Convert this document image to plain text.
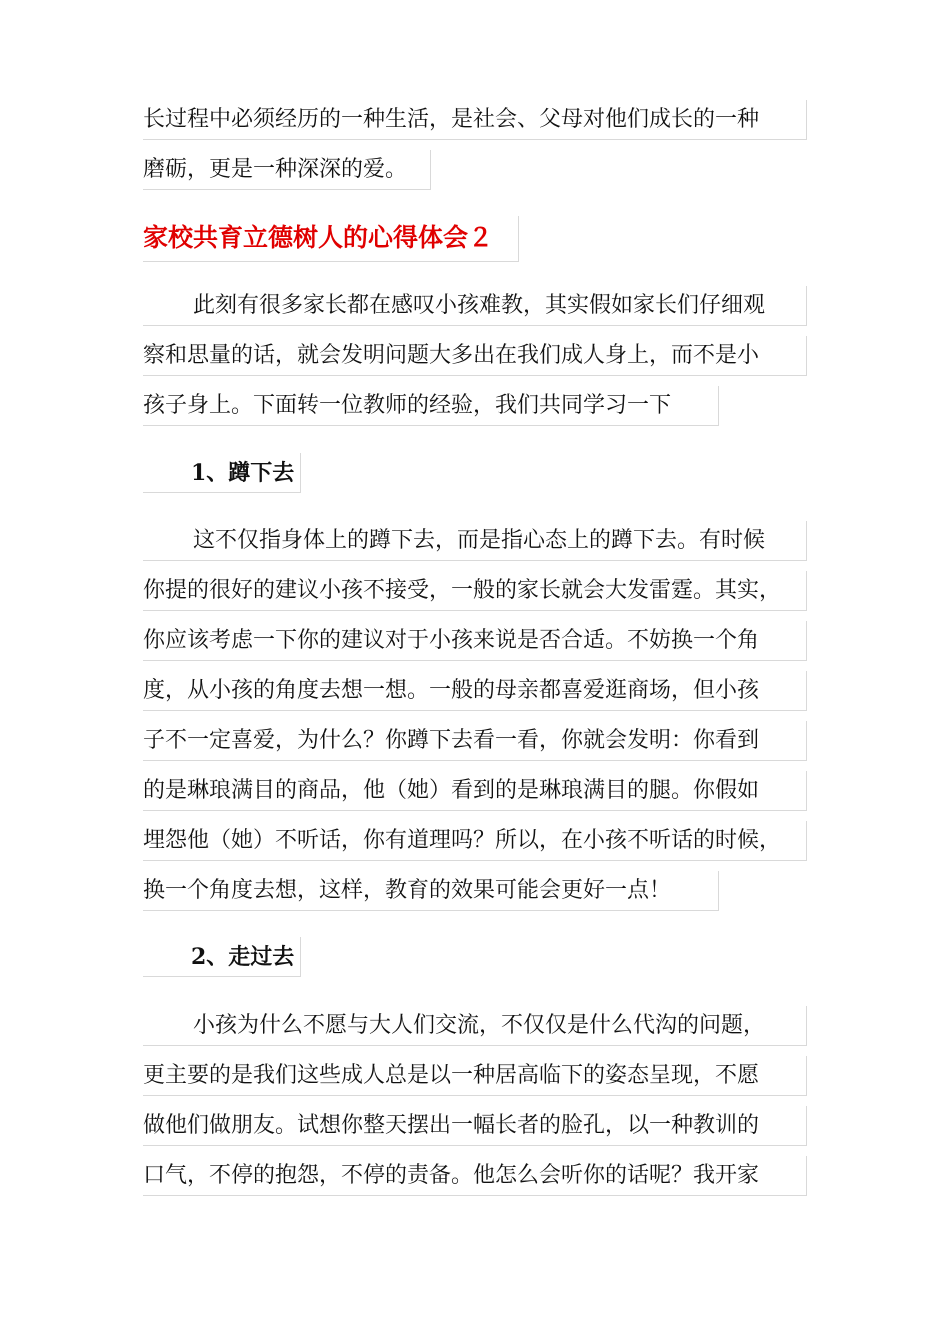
长过程中必须经历的一种生活，是社会、父母对他们成长的一种
磨砺，更是一种深深的爱。
家校共育立德树人的心得体会２
此刻有很多家长都在感叹小孩难教，其实假如家长们仔细观
察和思量的话，就会发明问题大多出在我们成人身上，而不是小
孩子身上。下面转一位教师的经验，我们共同学习一下
1、蹲下去
这不仅指身体上的蹲下去，而是指心态上的蹲下去。有时候
你提的很好的建议小孩不接受，一般的家长就会大发雷霆。其实，
你应该考虑一下你的建议对于小孩来说是否合适。不妨换一个角
度，从小孩的角度去想一想。一般的母亲都喜爱逛商场，但小孩
子不一定喜爱，为什么？你蹲下去看一看，你就会发明：你看到
的是琳琅满目的商品，他（她）看到的是琳琅满目的腿。你假如
埋怨他（她）不听话，你有道理吗？所以，在小孩不听话的时候，
换一个角度去想，这样，教育的效果可能会更好一点！
2、走过去
小孩为什么不愿与大人们交流，不仅仅是什么代沟的问题，
更主要的是我们这些成人总是以一种居高临下的姿态呈现，不愿
做他们做朋友。试想你整天摆出一幅长者的脸孔，以一种教训的
口气，不停的抱怨，不停的责备。他怎么会听你的话呢？我开家
